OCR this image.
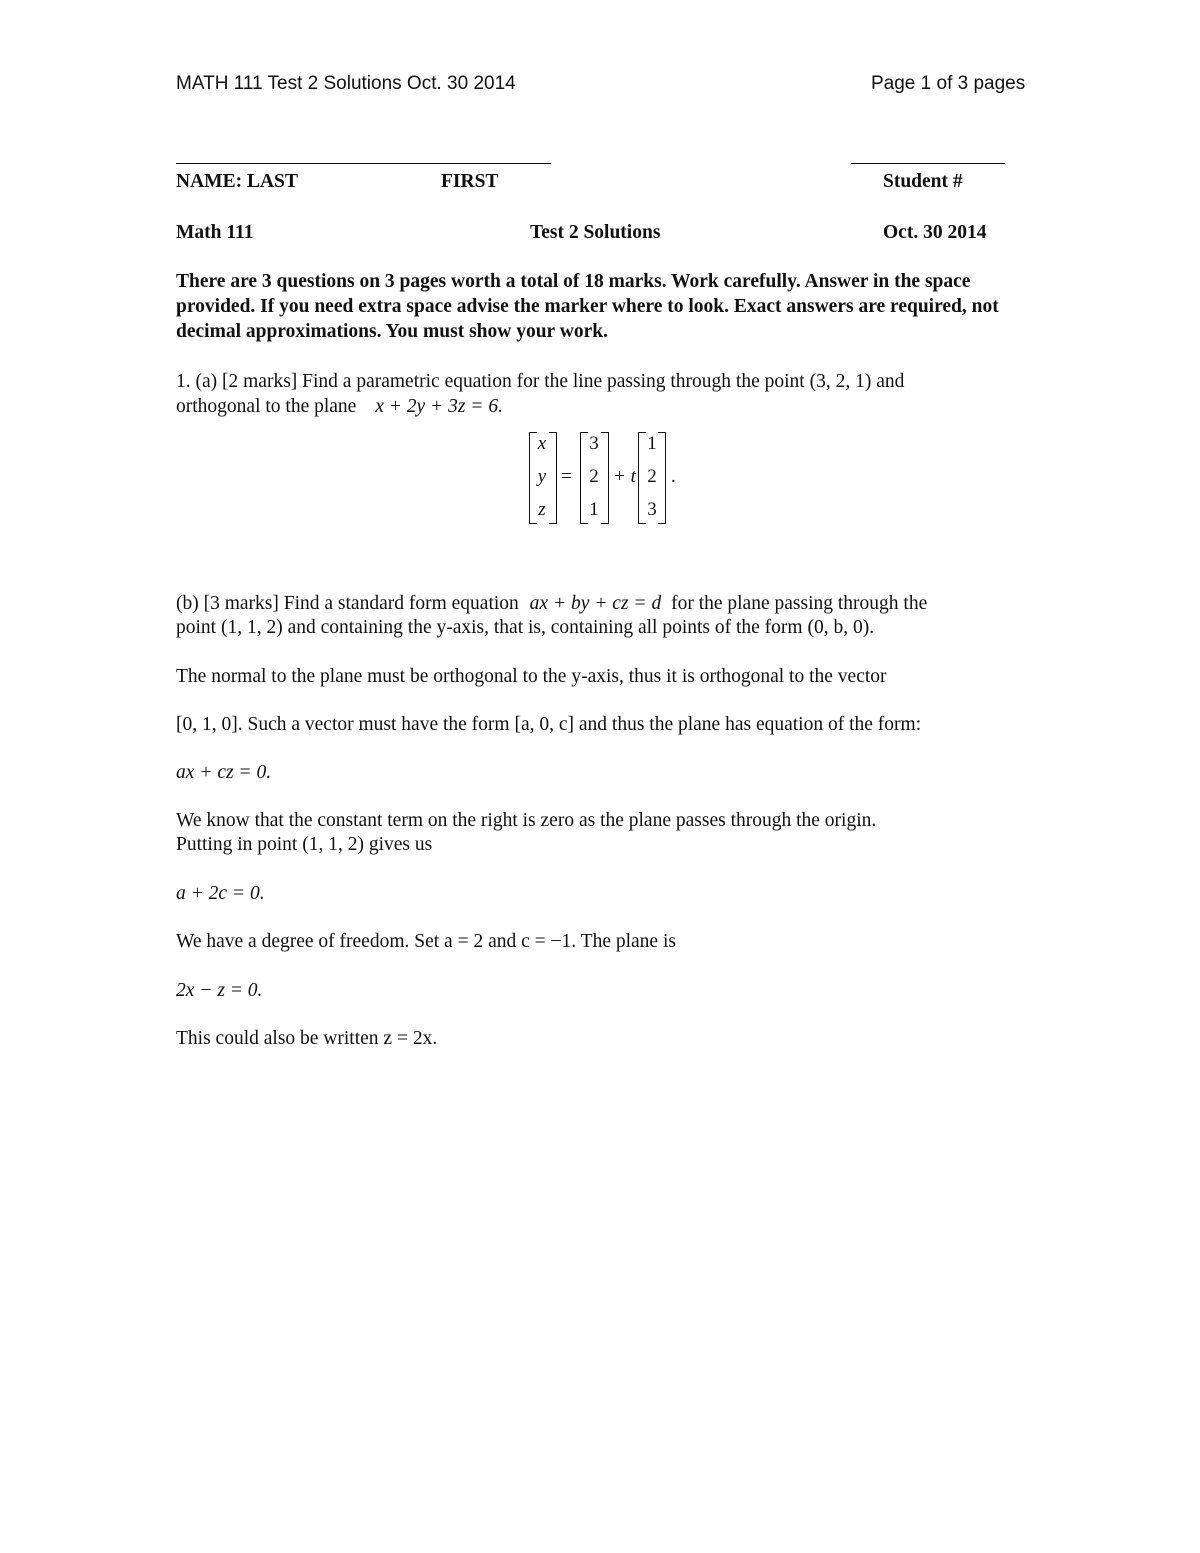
MATH 111 Test 2 Solutions Oct. 30 2014	Page 1 of 3 pages
NAME: LAST	FIRST	Student #
Math 111	Test 2 Solutions	Oct. 30 2014
There are 3 questions on 3 pages worth a total of 18 marks. Work carefully. Answer in the space provided. If you need extra space advise the marker where to look. Exact answers are required, not decimal approximations. You must show your work.
1. (a) [2 marks] Find a parametric equation for the line passing through the point (3, 2, 1) and
orthogonal to the plane x + 2y + 3z = 6.
x
y
z
=
3
2
1
+ t
1
2
3
.
(b) [3 marks] Find a standard form equation ax + by + cz = d for the plane passing through the
point (1, 1, 2) and containing the y-axis, that is, containing all points of the form (0, b, 0).
The normal to the plane must be orthogonal to the y-axis, thus it is orthogonal to the vector
[0, 1, 0]. Such a vector must have the form [a, 0, c] and thus the plane has equation of the form:
ax + cz = 0.
We know that the constant term on the right is zero as the plane passes through the origin.
Putting in point (1, 1, 2) gives us
a + 2c = 0.
We have a degree of freedom. Set a = 2 and c = −1. The plane is
2x − z = 0.
This could also be written z = 2x.
